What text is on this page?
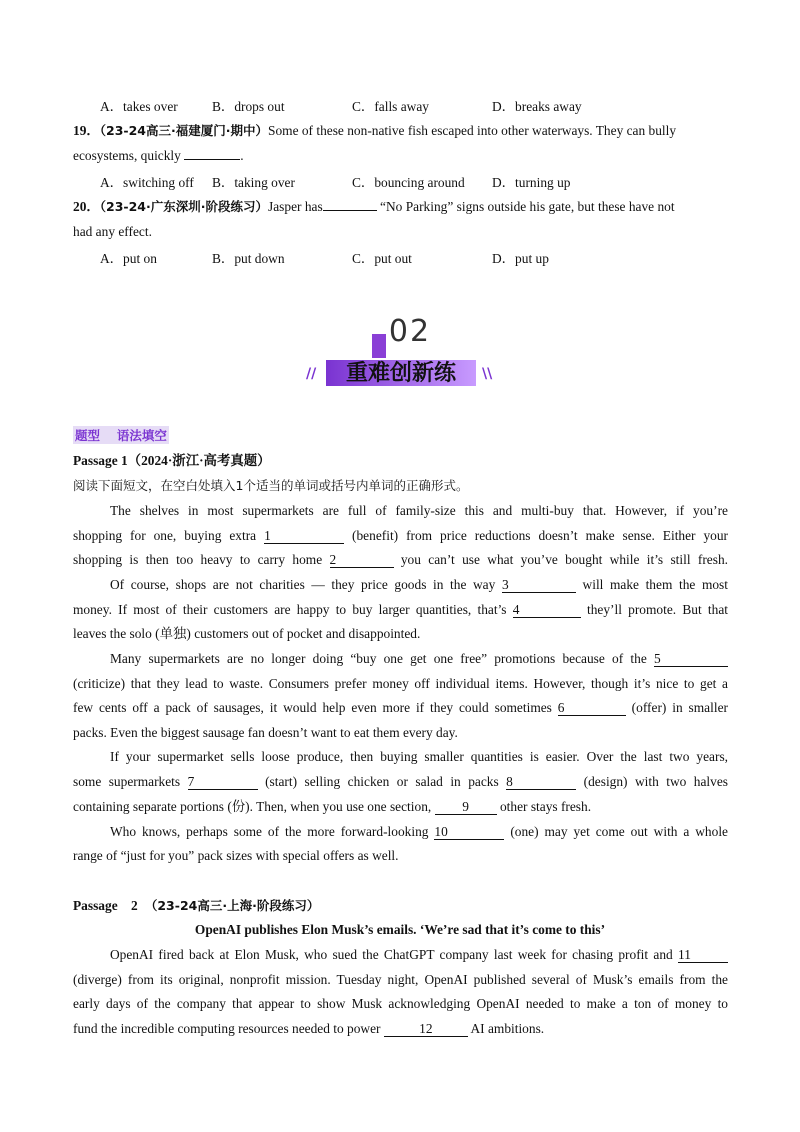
A．takes over	B．drops out	C．falls away	D．breaks away
19．（23-24高三·福建厦门·期中）Some of these non-native fish escaped into other waterways. They can bully
ecosystems, quickly	.
A．switching off B．taking over	C．bouncing around D．turning up
20．（23-24·广东深圳·阶段练习）Jasper has	“No Parking” signs outside his gate, but these have not
had any effect.
A．put on	B．put down	C．put out	D．put up
02
重难创新练
//	\\
题型　 语法填空
Passage 1（2024·浙江·高考真题）
阅读下面短文，在空白处填入1个适当的单词或括号内单词的正确形式。
The shelves in most supermarkets are full of family-size this and multi-buy that. However, if you’re
shopping for one, buying extra 1	(benefit) from price reductions doesn’t make sense. Either your
shopping is then too heavy to carry home 2	you can’t use what you’ve bought while it’s still fresh.
Of course, shops are not charities — they price goods in the way 3	will make them the most
money. If most of their customers are happy to buy larger quantities, that’s 4	they’ll promote. But that
leaves the solo (单独) customers out of pocket and disappointed.
Many supermarkets are no longer doing “buy one get one free” promotions because of the 5
(criticize) that they lead to waste. Consumers prefer money off individual items. However, though it’s nice to get a
few cents off a pack of sausages, it would help even more if they could sometimes 6	(offer) in smaller
packs. Even the biggest sausage fan doesn’t want to eat them every day.
If your supermarket sells loose produce, then buying smaller quantities is easier. Over the last two years,
some supermarkets 7	(start) selling chicken or salad in packs 8	(design) with two halves
containing separate portions (份). Then, when you use one section, 9 other stays fresh.
Who knows, perhaps some of the more forward-looking 10	(one) may yet come out with a whole
range of “just for you” pack sizes with special offers as well.
Passage　2　 （23-24高三·上海·阶段练习）
OpenAI publishes Elon Musk’s emails. ‘We’re sad that it’s come to this’
OpenAI fired back at Elon Musk, who sued the ChatGPT company last week for chasing profit and 11
(diverge) from its original, nonprofit mission. Tuesday night, OpenAI published several of Musk’s emails from the
early days of the company that appear to show Musk acknowledging OpenAI needed to make a ton of money to
fund the incredible computing resources needed to power	12	AI ambitions.
